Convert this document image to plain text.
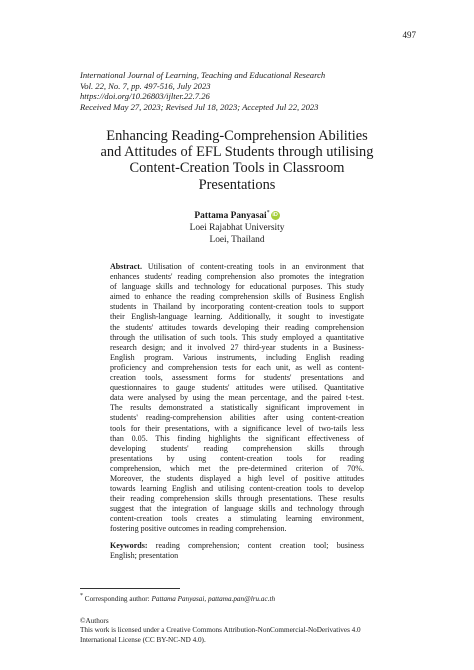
497
International Journal of Learning, Teaching and Educational Research
Vol. 22, No. 7, pp. 497-516, July 2023
https://doi.org/10.26803/ijlter.22.7.26
Received May 27, 2023; Revised Jul 18, 2023; Accepted Jul 22, 2023
Enhancing Reading-Comprehension Abilities
and Attitudes of EFL Students through utilising
Content-Creation Tools in Classroom
Presentations
Pattama Panyasai* iD
Loei Rajabhat University
Loei, Thailand
Abstract. Utilisation of content-creating tools in an environment that
enhances students' reading comprehension also promotes the integration
of language skills and technology for educational purposes. This study
aimed to enhance the reading comprehension skills of Business English
students in Thailand by incorporating content-creation tools to support
their English-language learning. Additionally, it sought to investigate
the students' attitudes towards developing their reading comprehension
through the utilisation of such tools. This study employed a quantitative
research design; and it involved 27 third-year students in a Business-
English program. Various instruments, including English reading
proficiency and comprehension tests for each unit, as well as content-
creation tools, assessment forms for students' presentations and
questionnaires to gauge students' attitudes were utilised. Quantitative
data were analysed by using the mean percentage, and the paired t-test.
The results demonstrated a statistically significant improvement in
students' reading-comprehension abilities after using content-creation
tools for their presentations, with a significance level of two-tails less
than 0.05. This finding highlights the significant effectiveness of
developing students' reading comprehension skills through
presentations by using content-creation tools for reading
comprehension, which met the pre-determined criterion of 70%.
Moreover, the students displayed a high level of positive attitudes
towards learning English and utilising content-creation tools to develop
their reading comprehension skills through presentations. These results
suggest that the integration of language skills and technology through
content-creation tools creates a stimulating learning environment,
fostering positive outcomes in reading comprehension.
Keywords: reading comprehension; content creation tool; business
English; presentation
* Corresponding author: Pattama Panyasai, pattama.pan@lru.ac.th
©Authors
This work is licensed under a Creative Commons Attribution-NonCommercial-NoDerivatives 4.0
International License (CC BY-NC-ND 4.0).
